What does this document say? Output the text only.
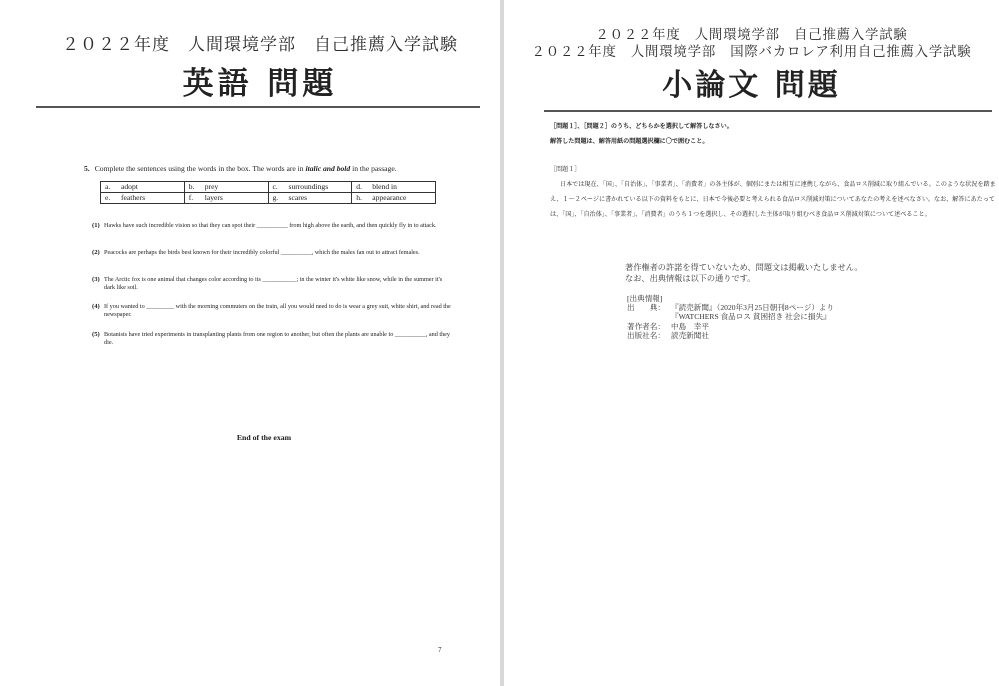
２０２２年度　人間環境学部　自己推薦入学試験
英語 問題
5. Complete the sentences using the words in the box. The words are in italic and bold in the passage.
a. adopt	b. prey	c. surroundings	d. blend in
e. feathers	f. layers	g. scares	h. appearance
(1) Hawks have such incredible vision so that they can spot their __________ from high above the earth, and then quickly fly in to attack.
(2) Peacocks are perhaps the birds best known for their incredibly colorful __________, which the males fan out to attract females.
(3) The Arctic fox is one animal that changes color according to its ___________; in the winter it's white like snow, while in the summer it's dark like soil.
(4) If you wanted to _________ with the morning commuters on the train, all you would need to do is wear a grey suit, white shirt, and read the newspaper.
(5) Botanists have tried experiments in transplanting plants from one region to another, but often the plants are unable to __________, and they die.
End of the exam
7
２０２２年度　人間環境学部　自己推薦入学試験
２０２２年度　人間環境学部　国際バカロレア利用自己推薦入学試験
小論文 問題
［問題１］、［問題２］のうち、どちらかを選択して解答しなさい。
解答した問題は、解答用紙の問題選択欄に〇で囲むこと。
［問題１］
日本では現在、「国」、「自治体」、「事業者」、「消費者」の各主体が、個別にまたは相互に連携しながら、食品ロス削減に取り組んでいる。このような状況を踏まえ、１〜２ページに書かれている以下の資料をもとに、日本で今後必要と考えられる食品ロス削減対策についてあなたの考えを述べなさい。なお、解答にあたっては、「国」、「自治体」、「事業者」、「消費者」のうち１つを選択し、その選択した主体が取り組むべき食品ロス削減対策について述べること。
著作権者の許諾を得ていないため、問題文は掲載いたしません。
なお、出典情報は以下の通りです。
[出典情報]
出　　典： 『読売新聞』（2020年3月25日朝刊8ページ）より
『WATCHERS 食品ロス 貧困招き 社会に損失』
著作者名： 中島　幸平
出版社名： 読売新聞社
